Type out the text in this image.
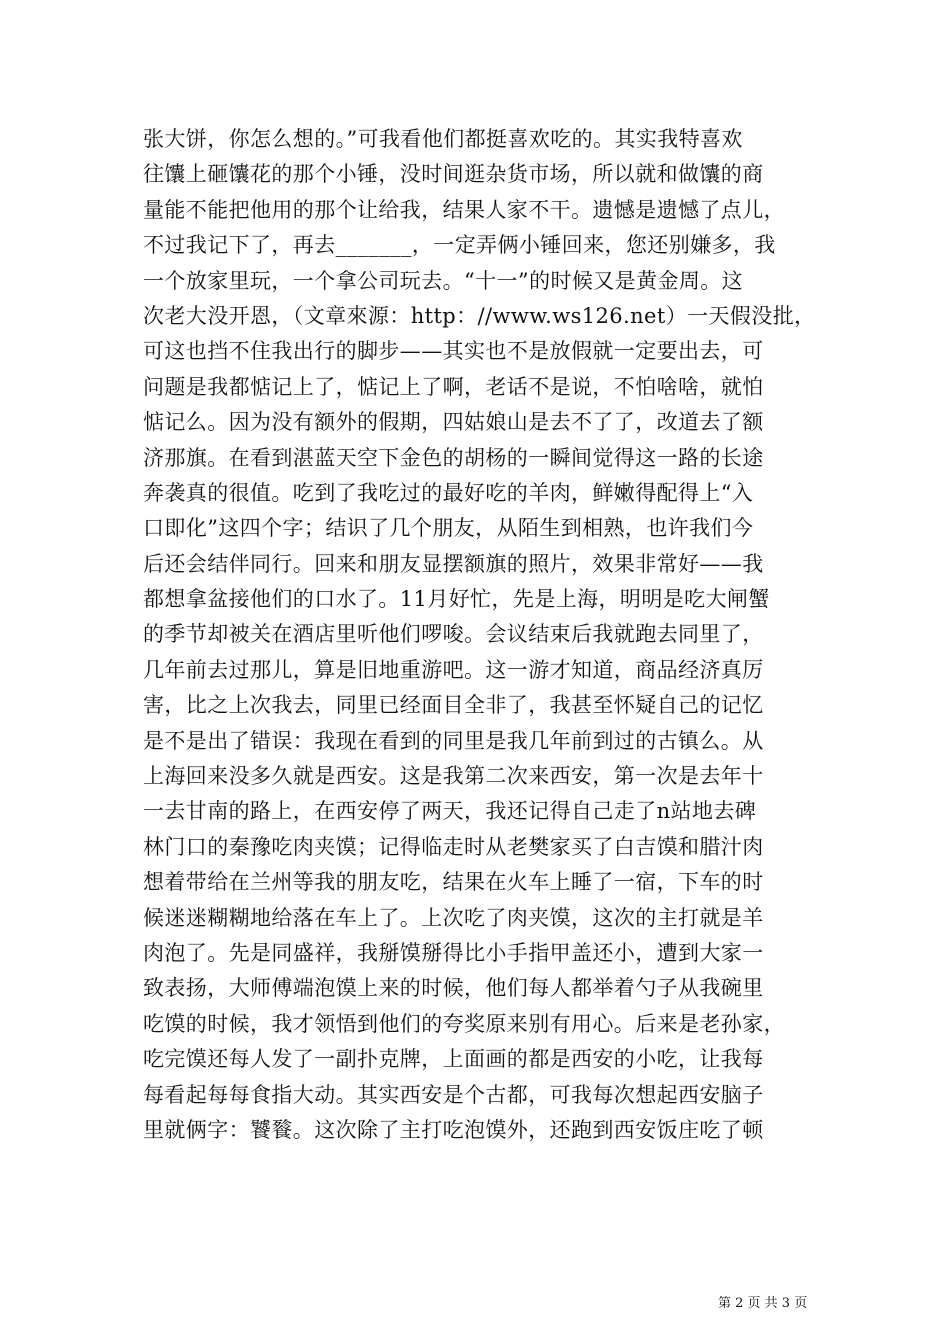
张大饼，你怎么想的。”可我看他们都挺喜欢吃的。其实我特喜欢
往馕上砸馕花的那个小锤，没时间逛杂货市场，所以就和做馕的商
量能不能把他用的那个让给我，结果人家不干。遗憾是遗憾了点儿，
不过我记下了，再去_______，一定弄俩小锤回来，您还别嫌多，我
一个放家里玩，一个拿公司玩去。“十一”的时候又是黄金周。这
次老大没开恩，（文章來源：http：//www.ws126.net）一天假没批，
可这也挡不住我出行的脚步——其实也不是放假就一定要出去，可
问题是我都惦记上了，惦记上了啊，老话不是说，不怕啥啥，就怕
惦记么。因为没有额外的假期，四姑娘山是去不了了，改道去了额
济那旗。在看到湛蓝天空下金色的胡杨的一瞬间觉得这一路的长途
奔袭真的很值。吃到了我吃过的最好吃的羊肉，鲜嫩得配得上“入
口即化”这四个字；结识了几个朋友，从陌生到相熟，也许我们今
后还会结伴同行。回来和朋友显摆额旗的照片，效果非常好——我
都想拿盆接他们的口水了。11月好忙，先是上海，明明是吃大闸蟹
的季节却被关在酒店里听他们啰唆。会议结束后我就跑去同里了，
几年前去过那儿，算是旧地重游吧。这一游才知道，商品经济真厉
害，比之上次我去，同里已经面目全非了，我甚至怀疑自己的记忆
是不是出了错误：我现在看到的同里是我几年前到过的古镇么。从
上海回来没多久就是西安。这是我第二次来西安，第一次是去年十
一去甘南的路上，在西安停了两天，我还记得自己走了n站地去碑
林门口的秦豫吃肉夹馍；记得临走时从老樊家买了白吉馍和腊汁肉
想着带给在兰州等我的朋友吃，结果在火车上睡了一宿，下车的时
候迷迷糊糊地给落在车上了。上次吃了肉夹馍，这次的主打就是羊
肉泡了。先是同盛祥，我掰馍掰得比小手指甲盖还小，遭到大家一
致表扬，大师傅端泡馍上来的时候，他们每人都举着勺子从我碗里
吃馍的时候，我才领悟到他们的夸奖原来别有用心。后来是老孙家，
吃完馍还每人发了一副扑克牌，上面画的都是西安的小吃，让我每
每看起每每食指大动。其实西安是个古都，可我每次想起西安脑子
里就俩字：饕餮。这次除了主打吃泡馍外，还跑到西安饭庄吃了顿
第 2 页 共 3 页
